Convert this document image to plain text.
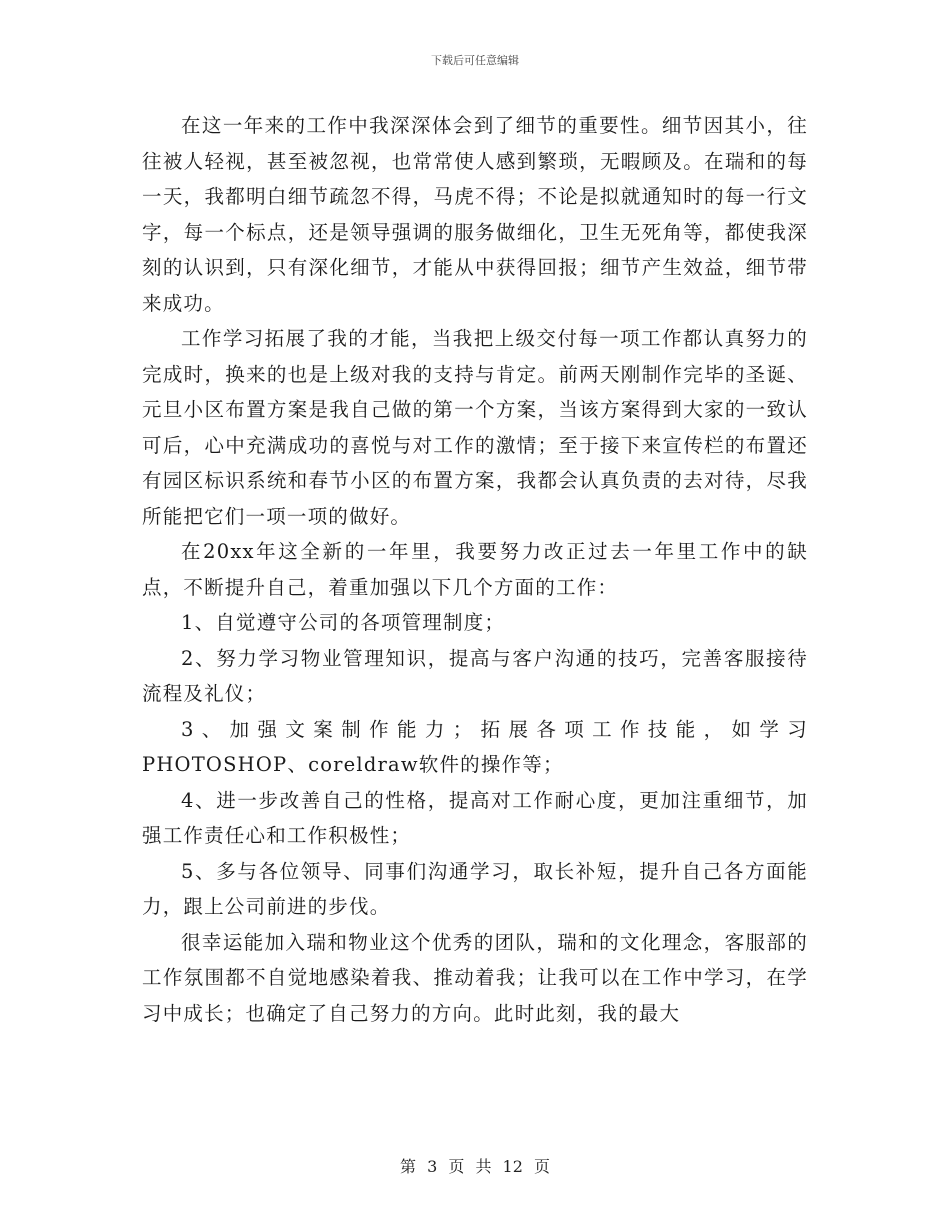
下载后可任意编辑

在这一年来的工作中我深深体会到了细节的重要性。细节因其小，往往被人轻视，甚至被忽视，也常常使人感到繁琐，无暇顾及。在瑞和的每一天，我都明白细节疏忽不得，马虎不得；不论是拟就通知时的每一行文字，每一个标点，还是领导强调的服务做细化，卫生无死角等，都使我深刻的认识到，只有深化细节，才能从中获得回报；细节产生效益，细节带来成功。

工作学习拓展了我的才能，当我把上级交付每一项工作都认真努力的完成时，换来的也是上级对我的支持与肯定。前两天刚制作完毕的圣诞、元旦小区布置方案是我自己做的第一个方案，当该方案得到大家的一致认可后，心中充满成功的喜悦与对工作的激情；至于接下来宣传栏的布置还有园区标识系统和春节小区的布置方案，我都会认真负责的去对待，尽我所能把它们一项一项的做好。

在20xx年这全新的一年里，我要努力改正过去一年里工作中的缺点，不断提升自己，着重加强以下几个方面的工作：

1、自觉遵守公司的各项管理制度；

2、努力学习物业管理知识，提高与客户沟通的技巧，完善客服接待流程及礼仪；

3、加强文案制作能力；拓展各项工作技能，如学习PHOTOSHOP、coreldraw软件的操作等；

4、进一步改善自己的性格，提高对工作耐心度，更加注重细节，加强工作责任心和工作积极性；

5、多与各位领导、同事们沟通学习，取长补短，提升自己各方面能力，跟上公司前进的步伐。

很幸运能加入瑞和物业这个优秀的团队，瑞和的文化理念，客服部的工作氛围都不自觉地感染着我、推动着我；让我可以在工作中学习，在学习中成长；也确定了自己努力的方向。此时此刻，我的最大

第 3 页 共 12 页
